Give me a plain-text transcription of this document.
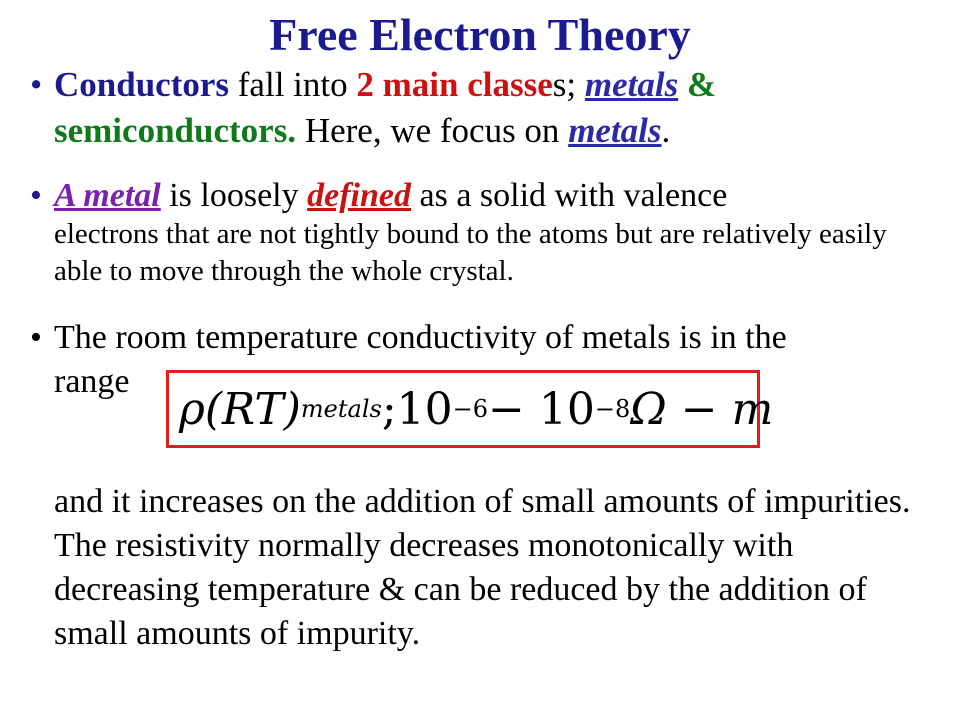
Free Electron Theory
• Conductors fall into 2 main classes; metals &
semiconductors. Here, we focus on metals.
• A metal is loosely defined as a solid with valence
electrons that are not tightly bound to the atoms but are relatively easily able to move through the whole crystal.
• The room temperature conductivity of metals is in the
range
ρ (RT) metals ;10 −6 − 10 −8 Ω − m
and it increases on the addition of small amounts of impurities. The resistivity normally decreases monotonically with decreasing temperature & can be reduced by the addition of small amounts of impurity.
